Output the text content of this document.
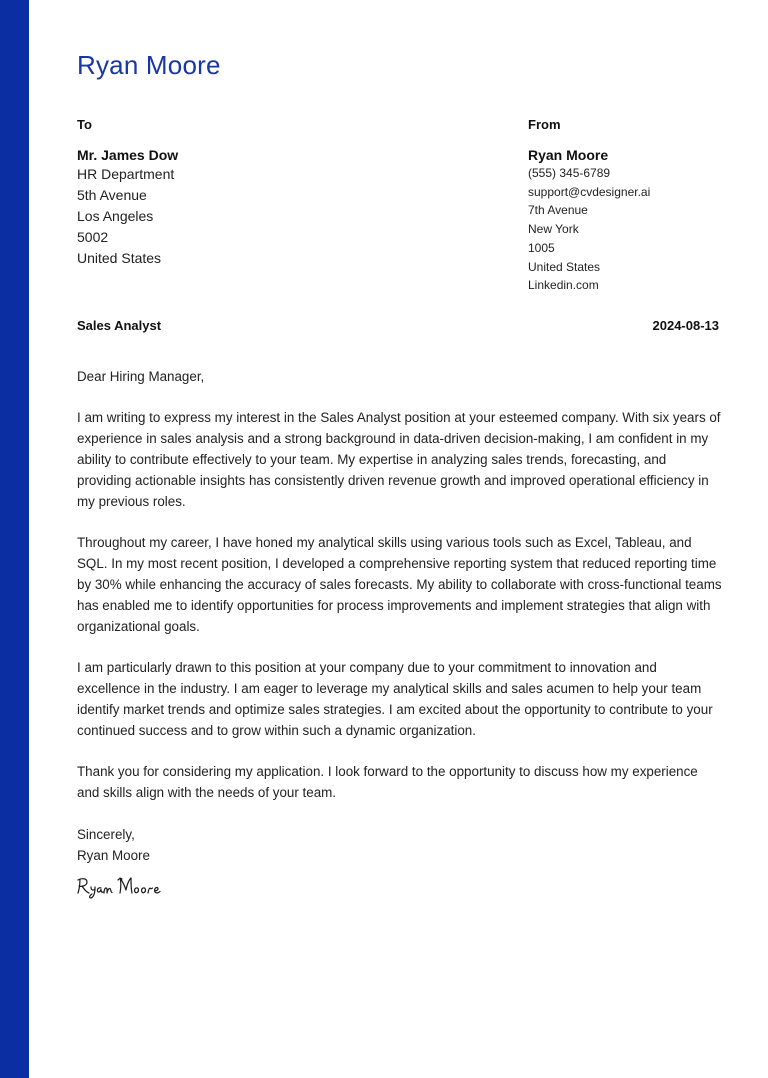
Ryan Moore
To
Mr. James Dow
HR Department
5th Avenue
Los Angeles
5002
United States
From
Ryan Moore
(555) 345-6789
support@cvdesigner.ai
7th Avenue
New York
1005
United States
Linkedin.com
Sales Analyst	2024-08-13

Dear Hiring Manager,

I am writing to express my interest in the Sales Analyst position at your esteemed company. With six years of experience in sales analysis and a strong background in data-driven decision-making, I am confident in my ability to contribute effectively to your team. My expertise in analyzing sales trends, forecasting, and providing actionable insights has consistently driven revenue growth and improved operational efficiency in my previous roles.

Throughout my career, I have honed my analytical skills using various tools such as Excel, Tableau, and SQL. In my most recent position, I developed a comprehensive reporting system that reduced reporting time by 30% while enhancing the accuracy of sales forecasts. My ability to collaborate with cross-functional teams has enabled me to identify opportunities for process improvements and implement strategies that align with organizational goals.

I am particularly drawn to this position at your company due to your commitment to innovation and excellence in the industry. I am eager to leverage my analytical skills and sales acumen to help your team identify market trends and optimize sales strategies. I am excited about the opportunity to contribute to your continued success and to grow within such a dynamic organization.

Thank you for considering my application. I look forward to the opportunity to discuss how my experience and skills align with the needs of your team.

Sincerely,
Ryan Moore
